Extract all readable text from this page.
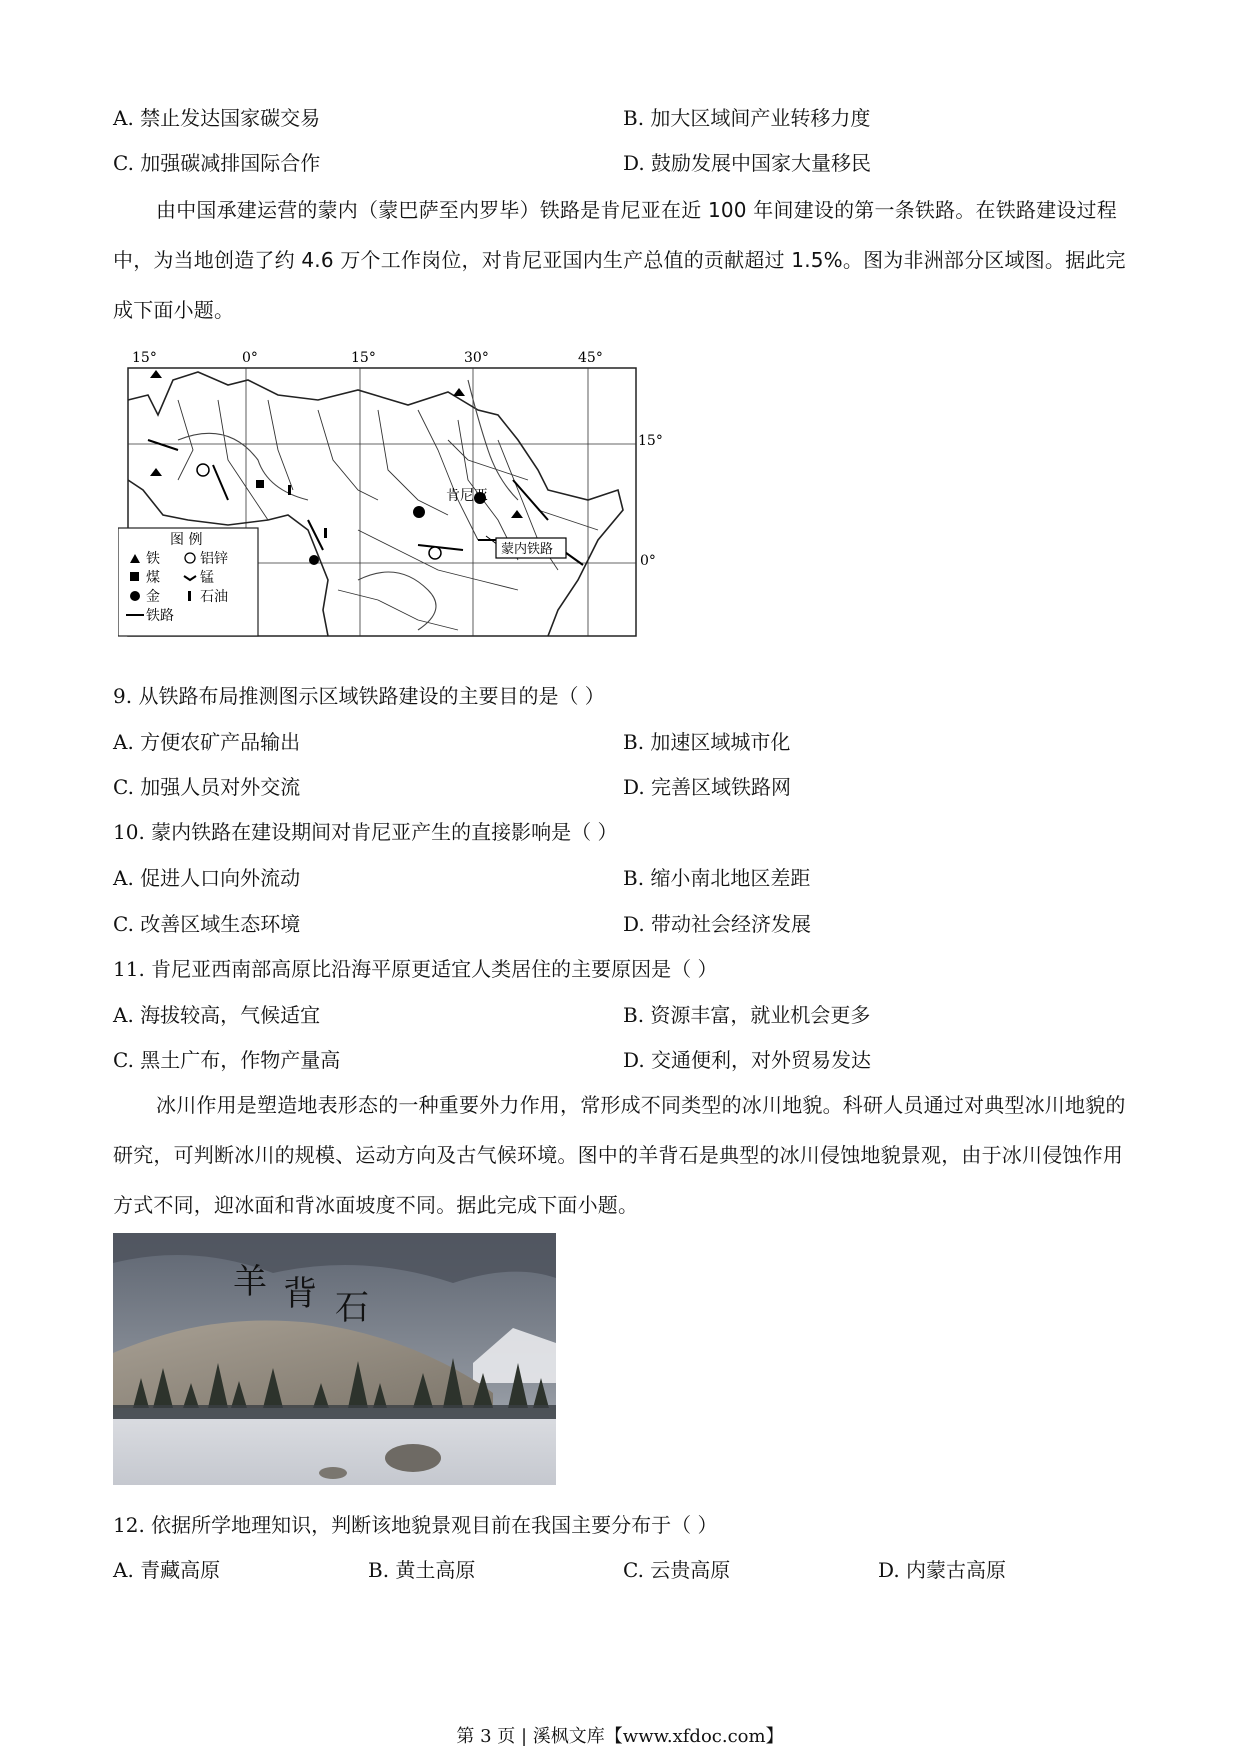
A. 禁止发达国家碳交易	B. 加大区域间产业转移力度
C. 加强碳减排国际合作	D. 鼓励发展中国家大量移民
由中国承建运营的蒙内（蒙巴萨至内罗毕）铁路是肯尼亚在近 100 年间建设的第一条铁路。在铁路建设过程中，为当地创造了约 4.6 万个工作岗位，对肯尼亚国内生产总值的贡献超过 1.5%。图为非洲部分区域图。据此完成下面小题。
15°	0°	15°	30°	45°
15°
0°
肯尼亚
蒙内铁路
图 例
铁	铝锌
煤	锰
金	石油
铁路
9. 从铁路布局推测图示区域铁路建设的主要目的是（ ）
A. 方便农矿产品输出	B. 加速区域城市化
C. 加强人员对外交流	D. 完善区域铁路网
10. 蒙内铁路在建设期间对肯尼亚产生的直接影响是（ ）
A. 促进人口向外流动	B. 缩小南北地区差距
C. 改善区域生态环境	D. 带动社会经济发展
11. 肯尼亚西南部高原比沿海平原更适宜人类居住的主要原因是（ ）
A. 海拔较高，气候适宜	B. 资源丰富，就业机会更多
C. 黑土广布，作物产量高	D. 交通便利，对外贸易发达
冰川作用是塑造地表形态的一种重要外力作用，常形成不同类型的冰川地貌。科研人员通过对典型冰川地貌的研究，可判断冰川的规模、运动方向及古气候环境。图中的羊背石是典型的冰川侵蚀地貌景观，由于冰川侵蚀作用方式不同，迎冰面和背冰面坡度不同。据此完成下面小题。
羊 背 石
12. 依据所学地理知识，判断该地貌景观目前在我国主要分布于（ ）
A. 青藏高原	B. 黄土高原	C. 云贵高原	D. 内蒙古高原
第 3 页 | 溪枫文库【www.xfdoc.com】
